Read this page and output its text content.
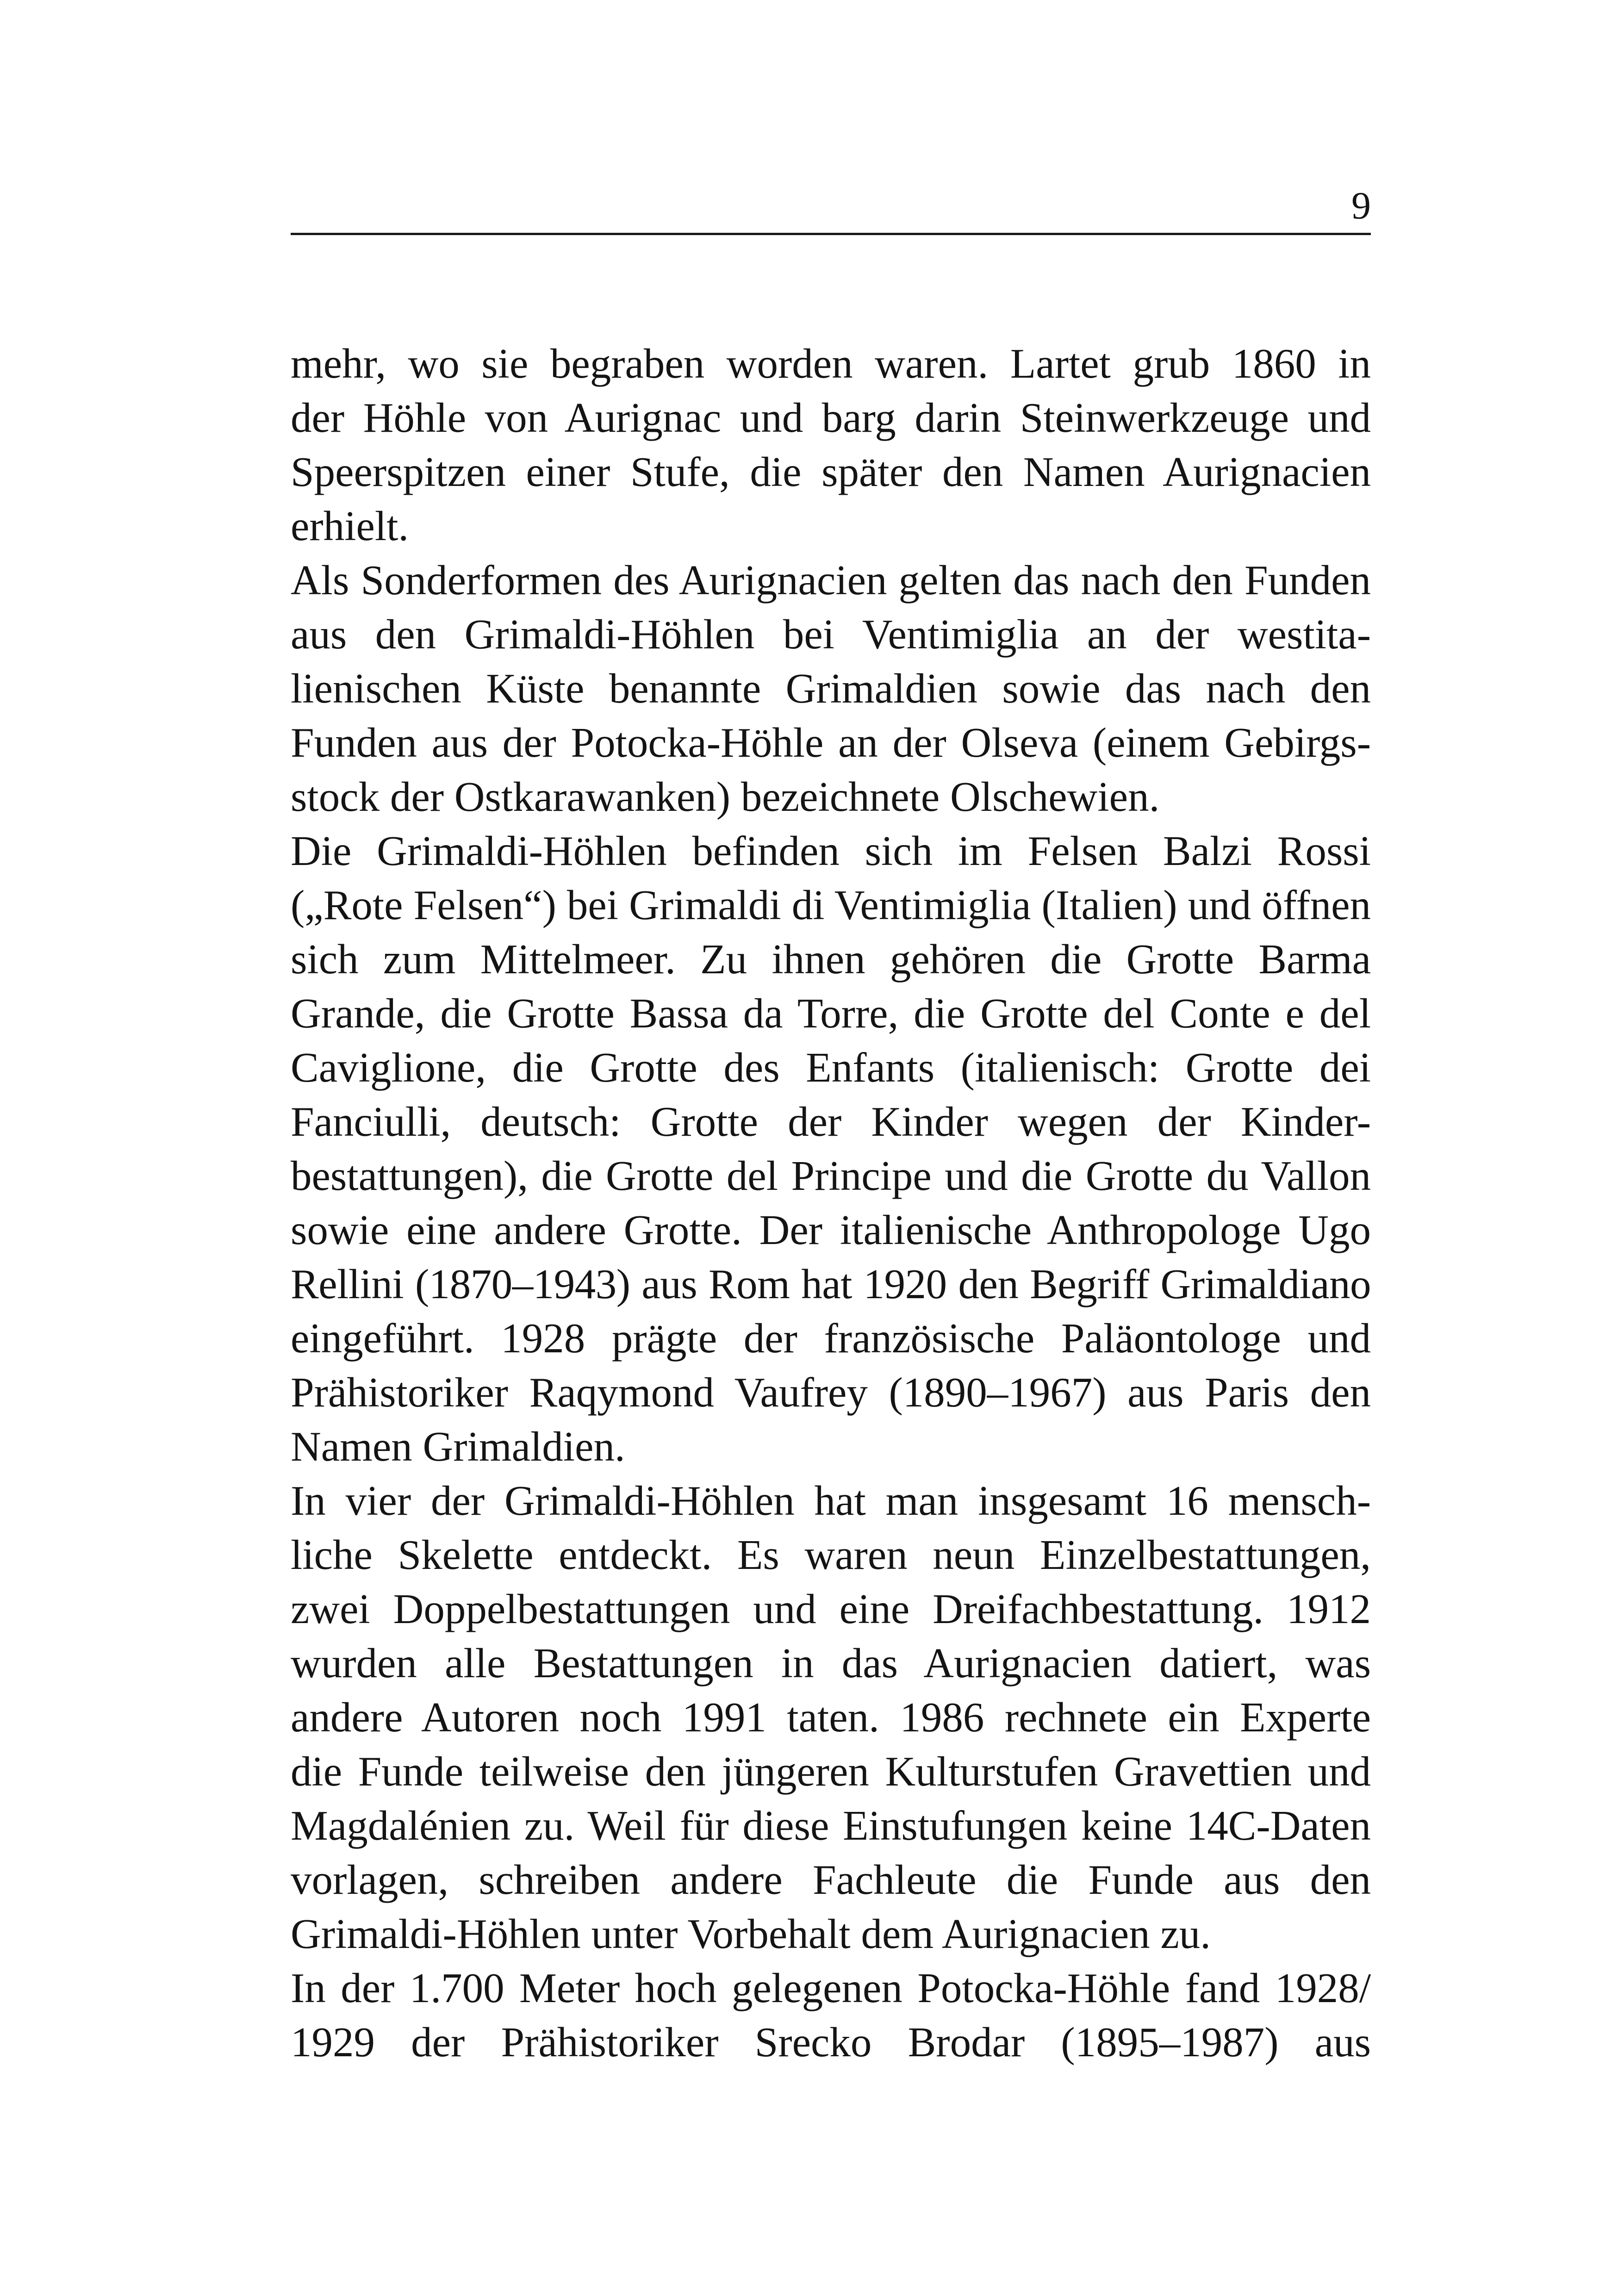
9
mehr, wo sie begraben worden waren. Lartet grub 1860 in
der Höhle von Aurignac und barg darin Steinwerkzeuge und
Speerspitzen einer Stufe, die später den Namen Aurignacien
erhielt.
Als Sonderformen des Aurignacien gelten das nach den Funden
aus den Grimaldi-Höhlen bei Ventimiglia an der westita-
lienischen Küste benannte Grimaldien sowie das nach den
Funden aus der Potocka-Höhle an der Olseva (einem Gebirgs-
stock der Ostkarawanken) bezeichnete Olschewien.
Die Grimaldi-Höhlen befinden sich im Felsen Balzi Rossi
(„Rote Felsen“) bei Grimaldi di Ventimiglia (Italien) und öffnen
sich zum Mittelmeer. Zu ihnen gehören die Grotte Barma
Grande, die Grotte Bassa da Torre, die Grotte del Conte e del
Caviglione, die Grotte des Enfants (italienisch: Grotte dei
Fanciulli, deutsch: Grotte der Kinder wegen der Kinder-
bestattungen), die Grotte del Principe und die Grotte du Vallon
sowie eine andere Grotte. Der italienische Anthropologe Ugo
Rellini (1870–1943) aus Rom hat 1920 den Begriff Grimaldiano
eingeführt. 1928 prägte der französische Paläontologe und
Prähistoriker Raqymond Vaufrey (1890–1967) aus Paris den
Namen Grimaldien.
In vier der Grimaldi-Höhlen hat man insgesamt 16 mensch-
liche Skelette entdeckt. Es waren neun Einzelbestattungen,
zwei Doppelbestattungen und eine Dreifachbestattung. 1912
wurden alle Bestattungen in das Aurignacien datiert, was
andere Autoren noch 1991 taten. 1986 rechnete ein Experte
die Funde teilweise den jüngeren Kulturstufen Gravettien und
Magdalénien zu. Weil für diese Einstufungen keine 14C-Daten
vorlagen, schreiben andere Fachleute die Funde aus den
Grimaldi-Höhlen unter Vorbehalt dem Aurignacien zu.
In der 1.700 Meter hoch gelegenen Potocka-Höhle fand 1928/
1929 der Prähistoriker Srecko Brodar (1895–1987) aus
